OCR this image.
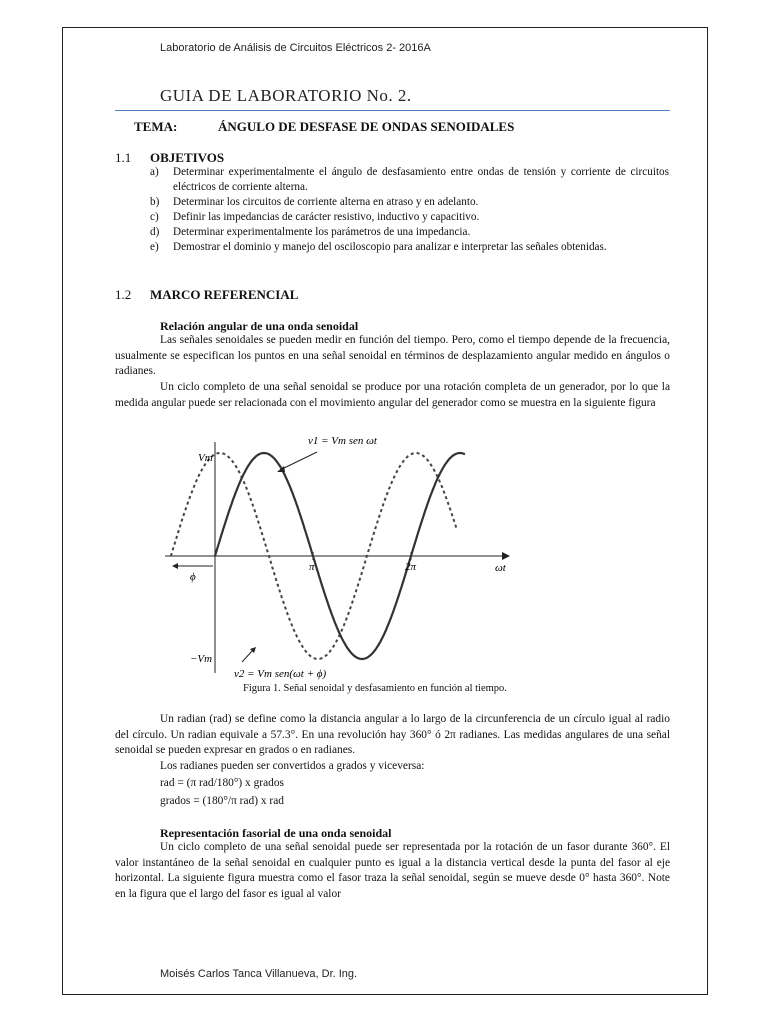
Laboratorio de Análisis de Circuitos Eléctricos 2- 2016A
GUIA DE LABORATORIO No. 2.
TEMA:	ÁNGULO DE DESFASE DE ONDAS SENOIDALES
1.1 OBJETIVOS
a) Determinar experimentalmente el ángulo de desfasamiento entre ondas de tensión y corriente de circuitos eléctricos de corriente alterna.
b) Determinar los circuitos de corriente alterna en atraso y en adelanto.
c) Definir las impedancias de carácter resistivo, inductivo y capacitivo.
d) Determinar experimentalmente los parámetros de una impedancia.
e) Demostrar el dominio y manejo del osciloscopio para analizar e interpretar las señales obtenidas.
1.2 MARCO REFERENCIAL
Relación angular de una onda senoidal
Las señales senoidales se pueden medir en función del tiempo. Pero, como el tiempo depende de la frecuencia, usualmente se especifican los puntos en una señal senoidal en términos de desplazamiento angular medido en ángulos o radianes.
Un ciclo completo de una señal senoidal se produce por una rotación completa de un generador, por lo que la medida angular puede ser relacionada con el movimiento angular del generador como se muestra en la siguiente figura
v1 = Vm sen ωt
v2 = Vm sen(ωt + ϕ)
Vm
−Vm
π	2π	ωt
ϕ
Figura 1. Señal senoidal y desfasamiento en función al tiempo.
Un radian (rad) se define como la distancia angular a lo largo de la circunferencia de un círculo igual al radio del círculo. Un radian equivale a 57.3°. En una revolución hay 360° ó 2π radianes. Las medidas angulares de una señal senoidal se pueden expresar en grados o en radianes.
Los radianes pueden ser convertidos a grados y viceversa:
rad = (π rad/180°) x grados
grados = (180°/π rad) x rad
Representación fasorial de una onda senoidal
Un ciclo completo de una señal senoidal puede ser representada por la rotación de un fasor durante 360°. El valor instantáneo de la señal senoidal en cualquier punto es igual a la distancia vertical desde la punta del fasor al eje horizontal. La siguiente figura muestra como el fasor traza la señal senoidal, según se mueve desde 0° hasta 360°. Note en la figura que el largo del fasor es igual al valor
Moisés Carlos Tanca Villanueva, Dr. Ing.
